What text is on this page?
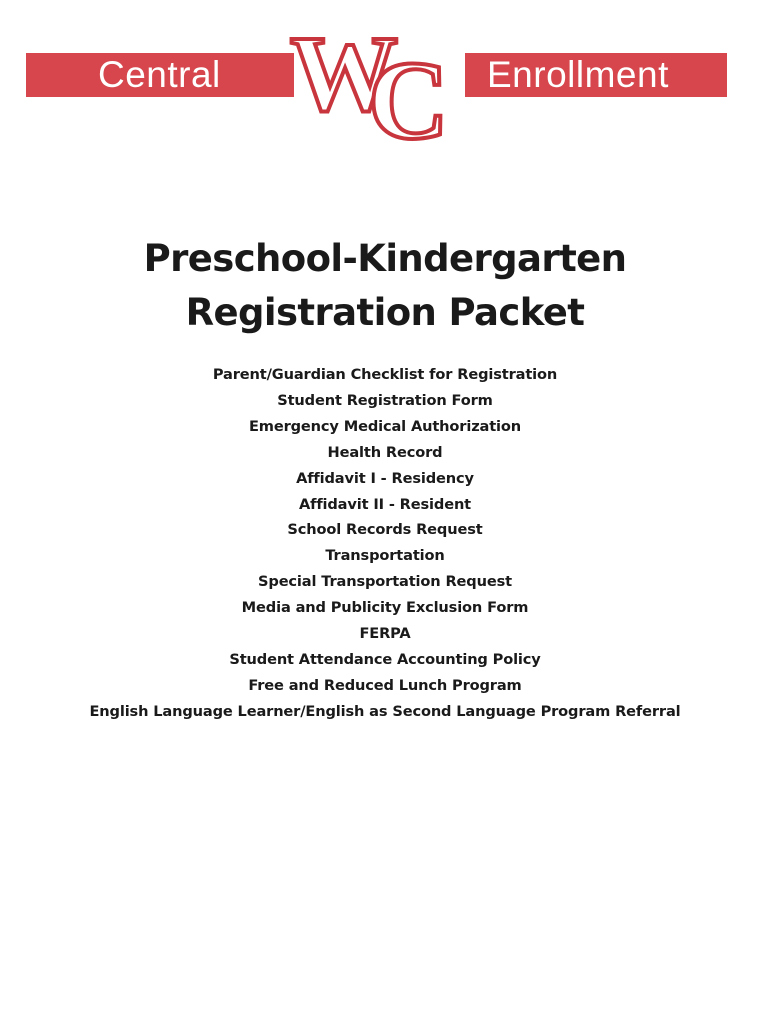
Central	Enrollment
W
C
Preschool-Kindergarten
Registration Packet
Parent/Guardian Checklist for Registration
Student Registration Form
Emergency Medical Authorization
Health Record
Affidavit I - Residency
Affidavit II - Resident
School Records Request
Transportation
Special Transportation Request
Media and Publicity Exclusion Form
FERPA
Student Attendance Accounting Policy
Free and Reduced Lunch Program
English Language Learner/English as Second Language Program Referral
